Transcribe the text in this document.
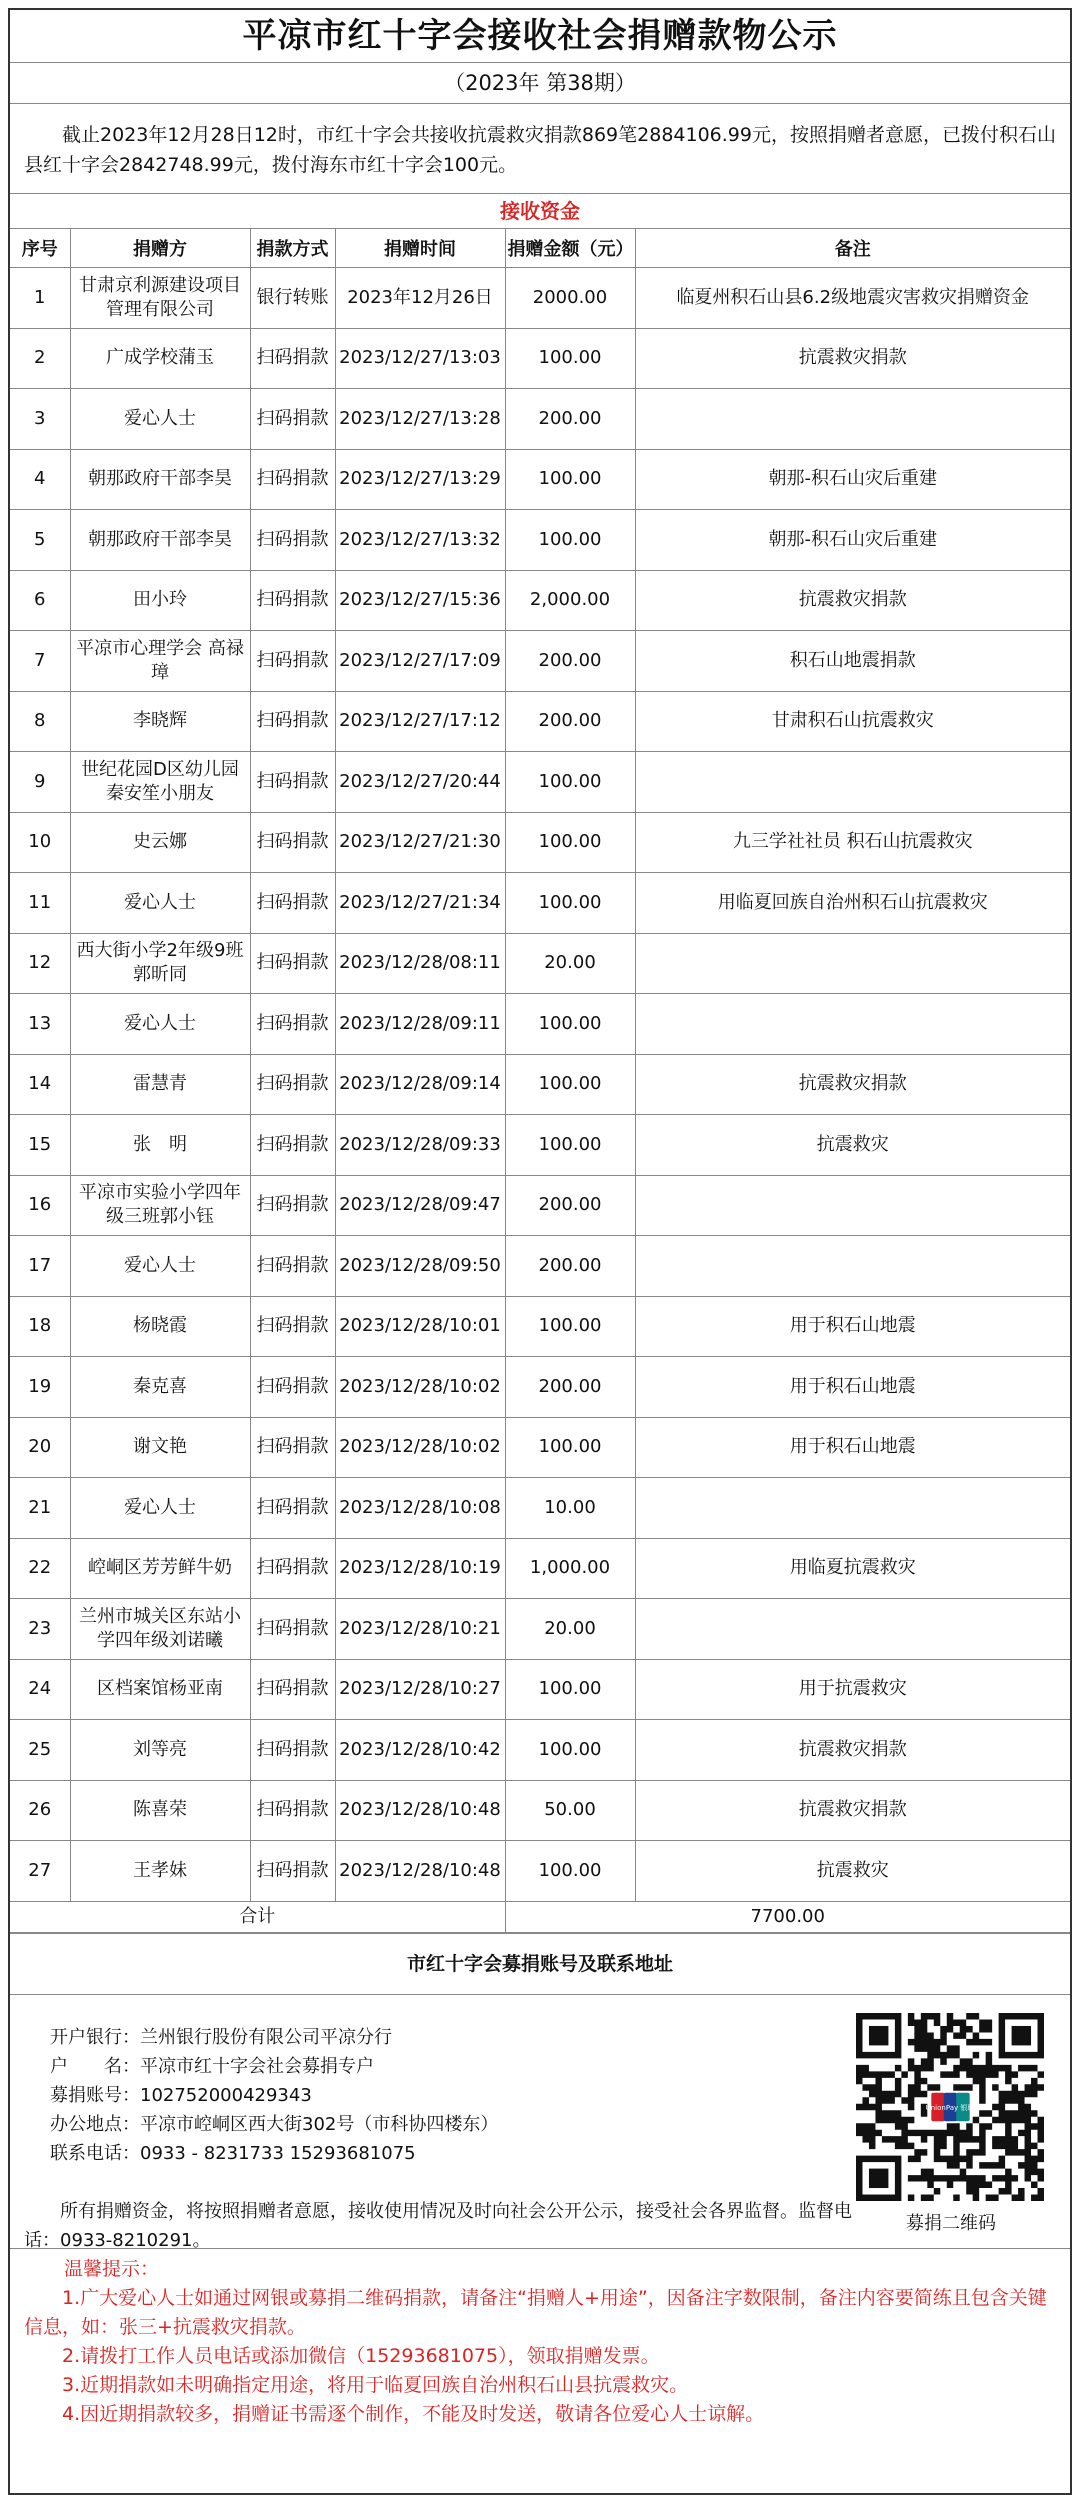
平凉市红十字会接收社会捐赠款物公示
（2023年 第38期）
截止2023年12月28日12时，市红十字会共接收抗震救灾捐款869笔2884106.99元，按照捐赠者意愿，已拨付积石山县红十字会2842748.99元，拨付海东市红十字会100元。
接收资金
序号	捐赠方	捐款方式	捐赠时间	捐赠金额（元）	备注
1	甘肃京利源建设项目管理有限公司	银行转账	2023年12月26日	2000.00	临夏州积石山县6.2级地震灾害救灾捐赠资金
2	广成学校蒲玉	扫码捐款	2023/12/27/13:03	100.00	抗震救灾捐款
3	爱心人士	扫码捐款	2023/12/27/13:28	200.00	
4	朝那政府干部李昊	扫码捐款	2023/12/27/13:29	100.00	朝那-积石山灾后重建
5	朝那政府干部李昊	扫码捐款	2023/12/27/13:32	100.00	朝那-积石山灾后重建
6	田小玲	扫码捐款	2023/12/27/15:36	2,000.00	抗震救灾捐款
7	平凉市心理学会 高禄璋	扫码捐款	2023/12/27/17:09	200.00	积石山地震捐款
8	李晓辉	扫码捐款	2023/12/27/17:12	200.00	甘肃积石山抗震救灾
9	世纪花园D区幼儿园秦安笙小朋友	扫码捐款	2023/12/27/20:44	100.00	
10	史云娜	扫码捐款	2023/12/27/21:30	100.00	九三学社社员 积石山抗震救灾
11	爱心人士	扫码捐款	2023/12/27/21:34	100.00	用临夏回族自治州积石山抗震救灾
12	西大街小学2年级9班郭昕同	扫码捐款	2023/12/28/08:11	20.00	
13	爱心人士	扫码捐款	2023/12/28/09:11	100.00	
14	雷慧青	扫码捐款	2023/12/28/09:14	100.00	抗震救灾捐款
15	张　明	扫码捐款	2023/12/28/09:33	100.00	抗震救灾
16	平凉市实验小学四年级三班郭小钰	扫码捐款	2023/12/28/09:47	200.00	
17	爱心人士	扫码捐款	2023/12/28/09:50	200.00	
18	杨晓霞	扫码捐款	2023/12/28/10:01	100.00	用于积石山地震
19	秦克喜	扫码捐款	2023/12/28/10:02	200.00	用于积石山地震
20	谢文艳	扫码捐款	2023/12/28/10:02	100.00	用于积石山地震
21	爱心人士	扫码捐款	2023/12/28/10:08	10.00	
22	崆峒区芳芳鲜牛奶	扫码捐款	2023/12/28/10:19	1,000.00	用临夏抗震救灾
23	兰州市城关区东站小学四年级刘诺曦	扫码捐款	2023/12/28/10:21	20.00	
24	区档案馆杨亚南	扫码捐款	2023/12/28/10:27	100.00	用于抗震救灾
25	刘等亮	扫码捐款	2023/12/28/10:42	100.00	抗震救灾捐款
26	陈喜荣	扫码捐款	2023/12/28/10:48	50.00	抗震救灾捐款
27	王孝妹	扫码捐款	2023/12/28/10:48	100.00	抗震救灾
合计				7700.00	
市红十字会募捐账号及联系地址
开户银行：兰州银行股份有限公司平凉分行
户　　名：平凉市红十字会社会募捐专户
募捐账号：102752000429343
办公地点：平凉市崆峒区西大街302号（市科协四楼东）
联系电话：0933 - 8231733 15293681075
所有捐赠资金，将按照捐赠者意愿，接收使用情况及时向社会公开公示，接受社会各界监督。监督电话：0933-8210291。
UnionPay 银联
募捐二维码
温馨提示：
1.广大爱心人士如通过网银或募捐二维码捐款，请备注“捐赠人+用途”，因备注字数限制，备注内容要简练且包含关键信息，如：张三+抗震救灾捐款。
2.请拨打工作人员电话或添加微信（15293681075），领取捐赠发票。
3.近期捐款如未明确指定用途，将用于临夏回族自治州积石山县抗震救灾。
4.因近期捐款较多，捐赠证书需逐个制作，不能及时发送，敬请各位爱心人士谅解。
